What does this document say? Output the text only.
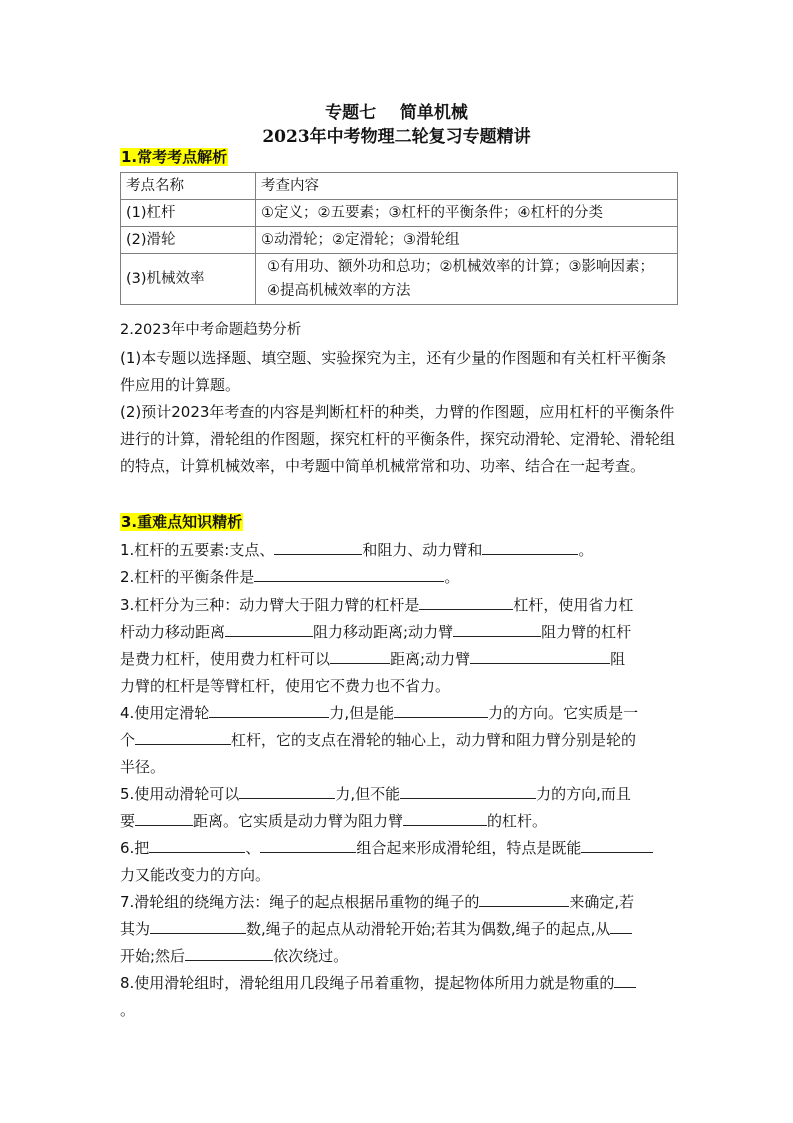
专题七    简单机械
2023年中考物理二轮复习专题精讲
1.常考考点解析
考点名称	考查内容
(1)杠杆	①定义；②五要素；③杠杆的平衡条件；④杠杆的分类
(2)滑轮	①动滑轮；②定滑轮；③滑轮组
(3)机械效率	①有用功、额外功和总功；②机械效率的计算；③影响因素；
④提高机械效率的方法
2.2023年中考命题趋势分析
(1)本专题以选择题、填空题、实验探究为主，还有少量的作图题和有关杠杆平衡条件应用的计算题。
(2)预计2023年考查的内容是判断杠杆的种类，力臂的作图题，应用杠杆的平衡条件进行的计算，滑轮组的作图题，探究杠杆的平衡条件，探究动滑轮、定滑轮、滑轮组的特点，计算机械效率，中考题中简单机械常常和功、功率、结合在一起考查。
3.重难点知识精析
1.杠杆的五要素:支点、	和阻力、动力臂和	。
2.杠杆的平衡条件是	。
3.杠杆分为三种：动力臂大于阻力臂的杠杆是	杠杆，使用省力杠
杆动力移动距离	阻力移动距离;动力臂	阻力臂的杠杆
是费力杠杆，使用费力杠杆可以	距离;动力臂	阻
力臂的杠杆是等臂杠杆，使用它不费力也不省力。
4.使用定滑轮	力,但是能	力的方向。它实质是一
个	杠杆，它的支点在滑轮的轴心上，动力臂和阻力臂分别是轮的
半径。
5.使用动滑轮可以	力,但不能	力的方向,而且
要	距离。它实质是动力臂为阻力臂	的杠杆。
6.把	、	组合起来形成滑轮组，特点是既能
力又能改变力的方向。
7.滑轮组的绕绳方法：绳子的起点根据吊重物的绳子的	来确定,若
其为	数,绳子的起点从动滑轮开始;若其为偶数,绳子的起点,从
开始;然后	依次绕过。
8.使用滑轮组时，滑轮组用几段绳子吊着重物，提起物体所用力就是物重的
。
